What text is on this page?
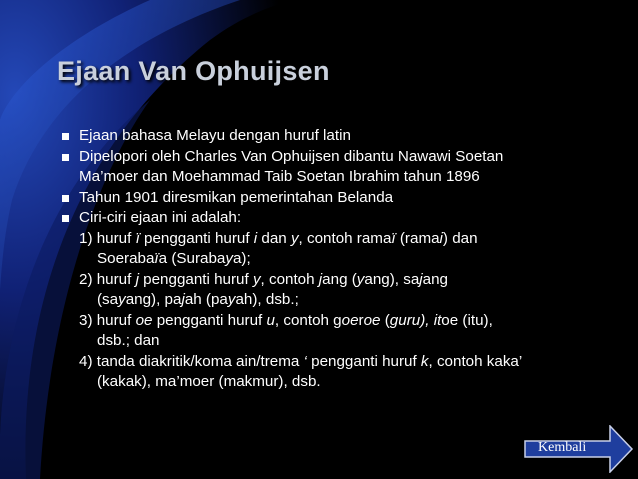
Ejaan Van Ophuijsen
Ejaan bahasa Melayu dengan huruf latin
Dipelopori oleh Charles Van Ophuijsen dibantu Nawawi Soetan
Ma’moer dan Moehammad Taib Soetan Ibrahim tahun 1896
Tahun 1901 diresmikan pemerintahan Belanda
Ciri-ciri ejaan ini adalah:
1) huruf ï pengganti huruf i dan y, contoh ramaï (ramai) dan
Soerabaïa (Surabaya);
2) huruf j pengganti huruf y, contoh jang (yang), sajang
(sayang), pajah (payah), dsb.;
3) huruf oe pengganti huruf u, contoh goeroe (guru), itoe (itu),
dsb.; dan
4) tanda diakritik/koma ain/trema ‘ pengganti huruf k, contoh kaka’
(kakak), ma’moer (makmur), dsb.
Kembali
